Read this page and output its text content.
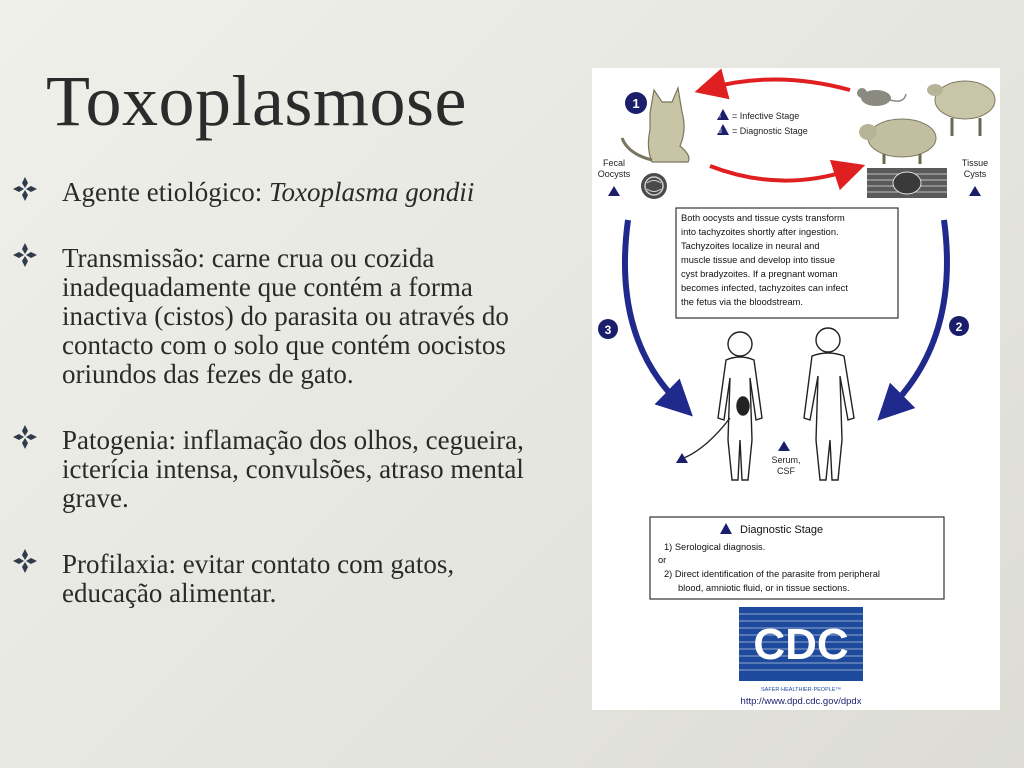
Toxoplasmose
Agente etiológico: Toxoplasma gondii
Transmissão: carne crua ou cozida inadequadamente que contém a forma inactiva (cistos) do parasita ou através do contacto com o solo que contém oocistos oriundos das fezes de gato.
Patogenia: inflamação dos olhos, cegueira, icterícia intensa, convulsões, atraso mental grave.
Profilaxia: evitar contato com gatos, educação alimentar.
1
2
3
i = Infective Stage
d = Diagnostic Stage
Fecal
Oocysts
Tissue
Cysts
Both oocysts and tissue cysts transform
into tachyzoites shortly after ingestion.
Tachyzoites localize in neural and
muscle tissue and develop into tissue
cyst bradyzoites. If a pregnant woman
becomes infected, tachyzoites can infect
the fetus via the bloodstream.
Serum,
CSF
Diagnostic Stage
1) Serological diagnosis.
or
2) Direct identification of the parasite from peripheral
blood, amniotic fluid, or in tissue sections.
CDC
SAFER·HEALTHIER·PEOPLE™
http://www.dpd.cdc.gov/dpdx
